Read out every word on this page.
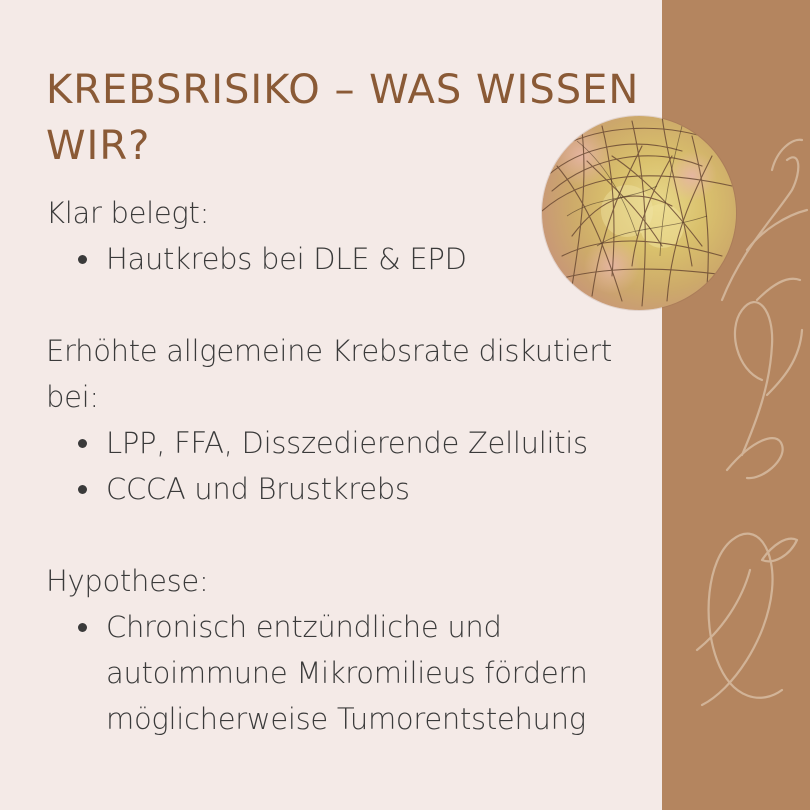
KREBSRISIKO – WAS WISSEN WIR?

Klar belegt:

Hautkrebs bei DLE & EPD

Erhöhte allgemeine Krebsrate diskutiert bei:

LPP, FFA, Disszedierende Zellulitis
CCCA und Brustkrebs

Hypothese:

Chronisch entzündliche und autoimmune Mikromilieus fördern möglicherweise Tumorentstehung
